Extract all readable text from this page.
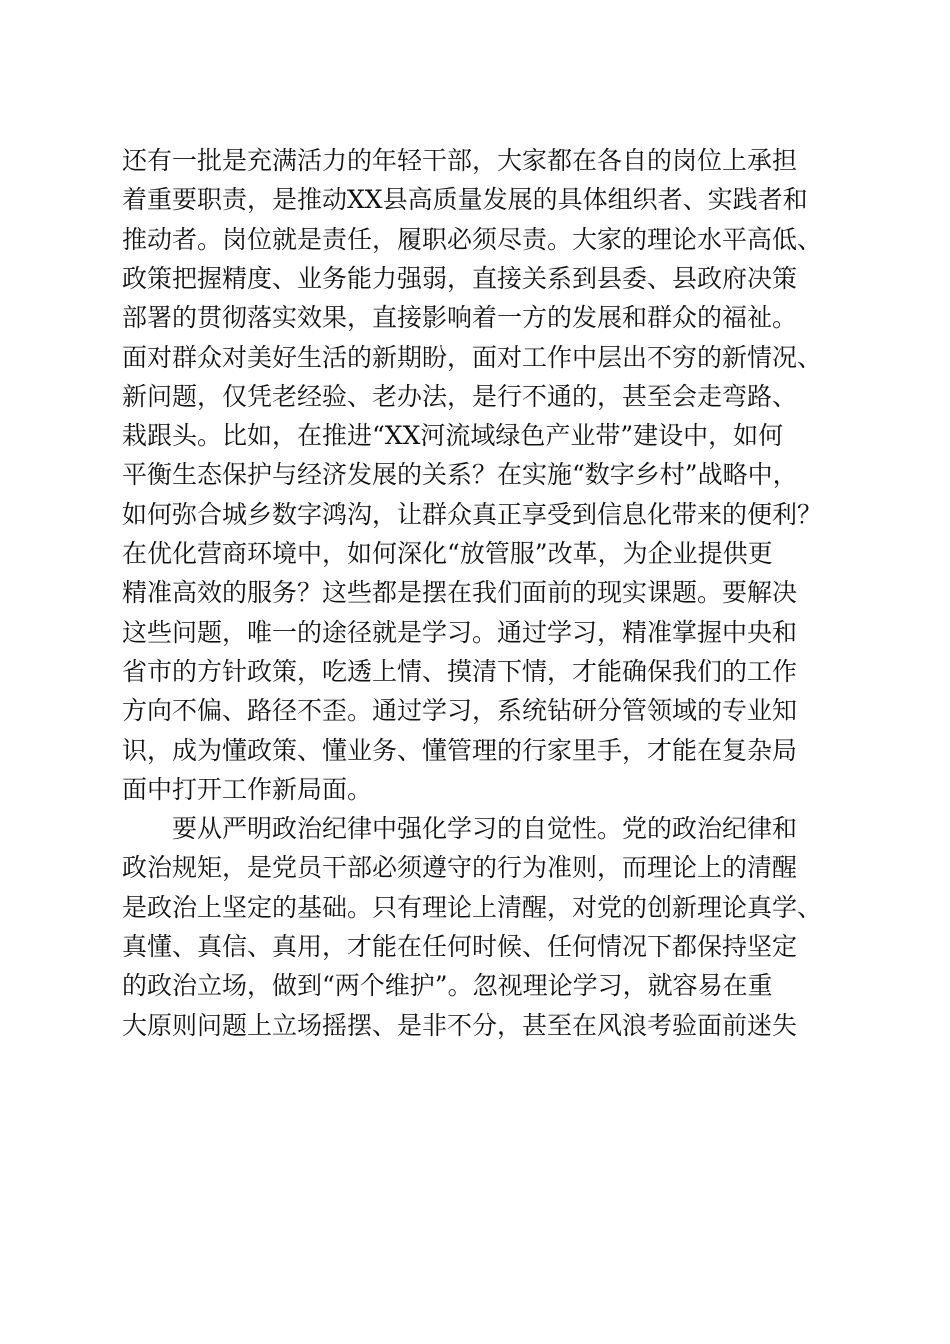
还有一批是充满活力的年轻干部，大家都在各自的岗位上承担
着重要职责，是推动XX县高质量发展的具体组织者、实践者和
推动者。岗位就是责任，履职必须尽责。大家的理论水平高低、
政策把握精度、业务能力强弱，直接关系到县委、县政府决策
部署的贯彻落实效果，直接影响着一方的发展和群众的福祉。
面对群众对美好生活的新期盼，面对工作中层出不穷的新情况、
新问题，仅凭老经验、老办法，是行不通的，甚至会走弯路、
栽跟头。比如，在推进“XX河流域绿色产业带”建设中，如何
平衡生态保护与经济发展的关系？在实施“数字乡村”战略中，
如何弥合城乡数字鸿沟，让群众真正享受到信息化带来的便利？
在优化营商环境中，如何深化“放管服”改革，为企业提供更
精准高效的服务？这些都是摆在我们面前的现实课题。要解决
这些问题，唯一的途径就是学习。通过学习，精准掌握中央和
省市的方针政策，吃透上情、摸清下情，才能确保我们的工作
方向不偏、路径不歪。通过学习，系统钻研分管领域的专业知
识，成为懂政策、懂业务、懂管理的行家里手，才能在复杂局
面中打开工作新局面。
要从严明政治纪律中强化学习的自觉性。党的政治纪律和
政治规矩，是党员干部必须遵守的行为准则，而理论上的清醒
是政治上坚定的基础。只有理论上清醒，对党的创新理论真学、
真懂、真信、真用，才能在任何时候、任何情况下都保持坚定
的政治立场，做到“两个维护”。忽视理论学习，就容易在重
大原则问题上立场摇摆、是非不分，甚至在风浪考验面前迷失
